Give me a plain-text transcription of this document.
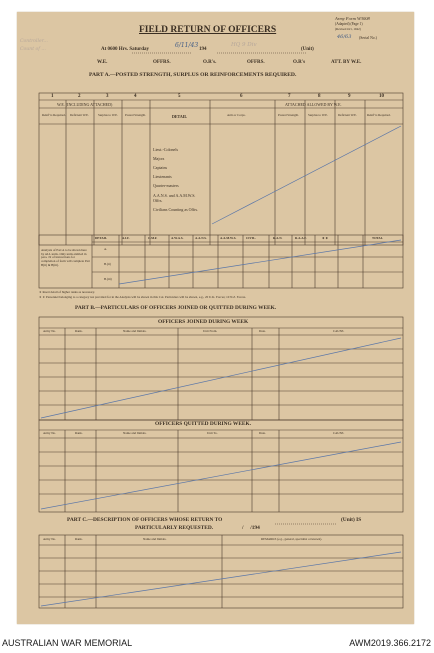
FIELD RETURN OF OFFICERS
Army Form W3008
(Adapted) (Page 1)
(Revised Oct, 1942)
46/63 (Serial No.)
Controller...
Count of ...	At 0600 Hrs. Saturday
6/11/43
194
HQ 9 Div
(Unit)
W.E.	OFFRS.	O.R's.	OFFRS.	O.R's	ATT. BY W.E.
PART A.—POSTED STRENGTH, SURPLUS OR REINFORCEMENTS REQUIRED.
1	2	3	4	5	6	7	8	9	10
W.E. (INCLUDING ATTACHED)	ATTACHED ALLOWED BY W.E.
DETAIL
Reinf’ts Required. Deficient W.E.	Surplus to W.E. Posted Strength.	Arm or Corps.	Posted Strength.	Surplus to W.E.	Deficient W.E.	Reinf’ts Required.
Lieut.-Colonels
Majors
Captains
Lieutenants
Quarter-masters
A.A.N.S. and A.A.M.W.S. Offrs.
Civilians Counting as Offrs.
Analysis of Part A to be shown here by ALL units. Only units entitled in para. 19 of instructions for completion of form will complete Part B(ii) & B(iii).
DETAIL	A.I.F.	C.M.F.	A.W.A.S.	A.A.N.S.	A.A.M.W.S.	CIVIL.	R.A.N.	R.A.A.F.	∗ ∗	TOTAL
A.
B.(ii)
B.(iii)
∗ Insert detail of higher ranks as necessary.
∗ ∗ Personnel belonging to a category not provided for in the Analysis will be shown in this Col. Particulars will be shown, e.g., 20 U.K. Forces; 10 N.Z. Forces.
PART B.—PARTICULARS OF OFFICERS JOINED OR QUITTED DURING WEEK.
OFFICERS JOINED DURING WEEK
Army No.	Rank.	Name and Initials.	Unit From.	Date.	CAUSE.
OFFICERS QUITTED DURING WEEK.
Army No.	Rank.	Name and Initials.	Unit To.	Date.	CAUSE.
PART C.—DESCRIPTION OF OFFICERS WHOSE RETURN TO	(Unit) IS
PARTICULARLY REQUESTED.	/     /194
Army No.	Rank.	Name and Initials.	REMARKS (e.g., general, specialist or known).
AUSTRALIAN WAR MEMORIAL	AWM2019.366.2172
